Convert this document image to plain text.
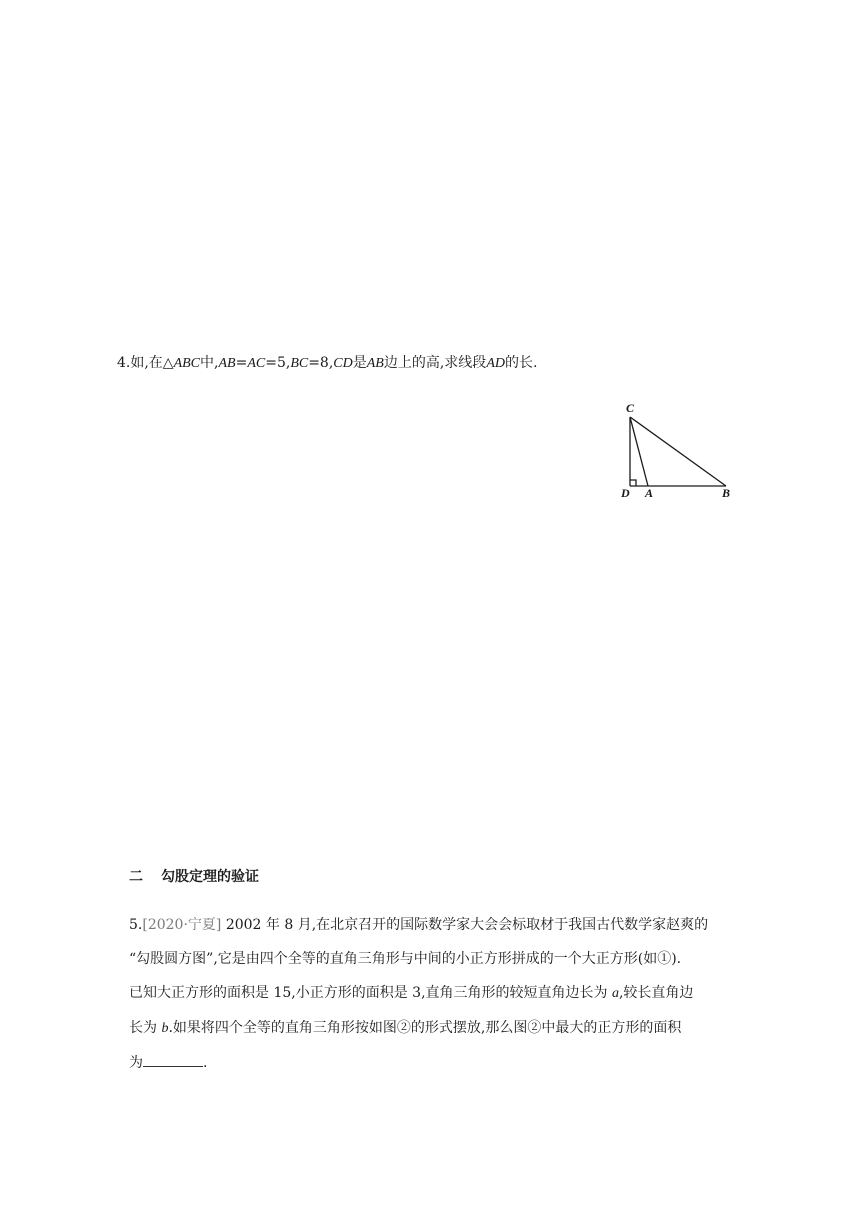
4.如,在△ABC中,AB=AC=5,BC=8,CD是AB边上的高,求线段AD的长.
C
D A	B
二 勾股定理的验证
5.[2020·宁夏] 2002 年 8 月,在北京召开的国际数学家大会会标取材于我国古代数学家赵爽的
“勾股圆方图”,它是由四个全等的直角三角形与中间的小正方形拼成的一个大正方形(如①).
已知大正方形的面积是 15,小正方形的面积是 3,直角三角形的较短直角边长为 a,较长直角边
长为 b.如果将四个全等的直角三角形按如图②的形式摆放,那么图②中最大的正方形的面积
为	.
